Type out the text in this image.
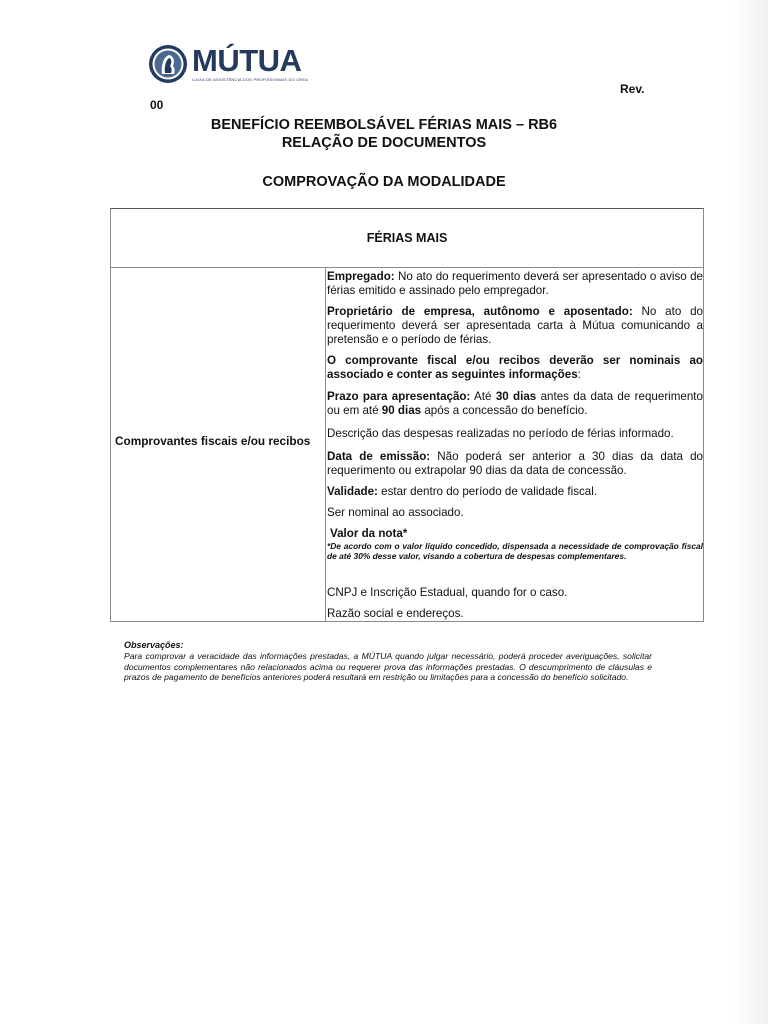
MÚTUA
CAIXA DE ASSISTÊNCIA DOS PROFISSIONAIS DO CREA
Rev.
00
BENEFÍCIO REEMBOLSÁVEL FÉRIAS MAIS – RB6
RELAÇÃO DE DOCUMENTOS
COMPROVAÇÃO DA MODALIDADE
FÉRIAS MAIS
Comprovantes fiscais e/ou recibos

Empregado: No ato do requerimento deverá ser apresentado o aviso de férias emitido e assinado pelo empregador.

Proprietário de empresa, autônomo e aposentado: No ato do requerimento deverá ser apresentada carta à Mútua comunicando a pretensão e o período de férias.

O comprovante fiscal e/ou recibos deverão ser nominais ao associado e conter as seguintes informações:

Prazo para apresentação: Até 30 dias antes da data de requerimento ou em até 90 dias após a concessão do benefício.

Descrição das despesas realizadas no período de férias informado.

Data de emissão: Não poderá ser anterior a 30 dias da data do requerimento ou extrapolar 90 dias da data de concessão.

Validade: estar dentro do período de validade fiscal.

Ser nominal ao associado.

Valor da nota*

*De acordo com o valor líquido concedido, dispensada a necessidade de comprovação fiscal de até 30% desse valor, visando a cobertura de despesas complementares.

CNPJ e Inscrição Estadual, quando for o caso.

Razão social e endereços.

Observações:

Para comprovar a veracidade das informações prestadas, a MÚTUA quando julgar necessário, poderá proceder averiguações, solicitar documentos complementares não relacionados acima ou requerer prova das informações prestadas. O descumprimento de cláusulas e prazos de pagamento de benefícios anteriores poderá resultará em restrição ou limitações para a concessão do benefício solicitado.
